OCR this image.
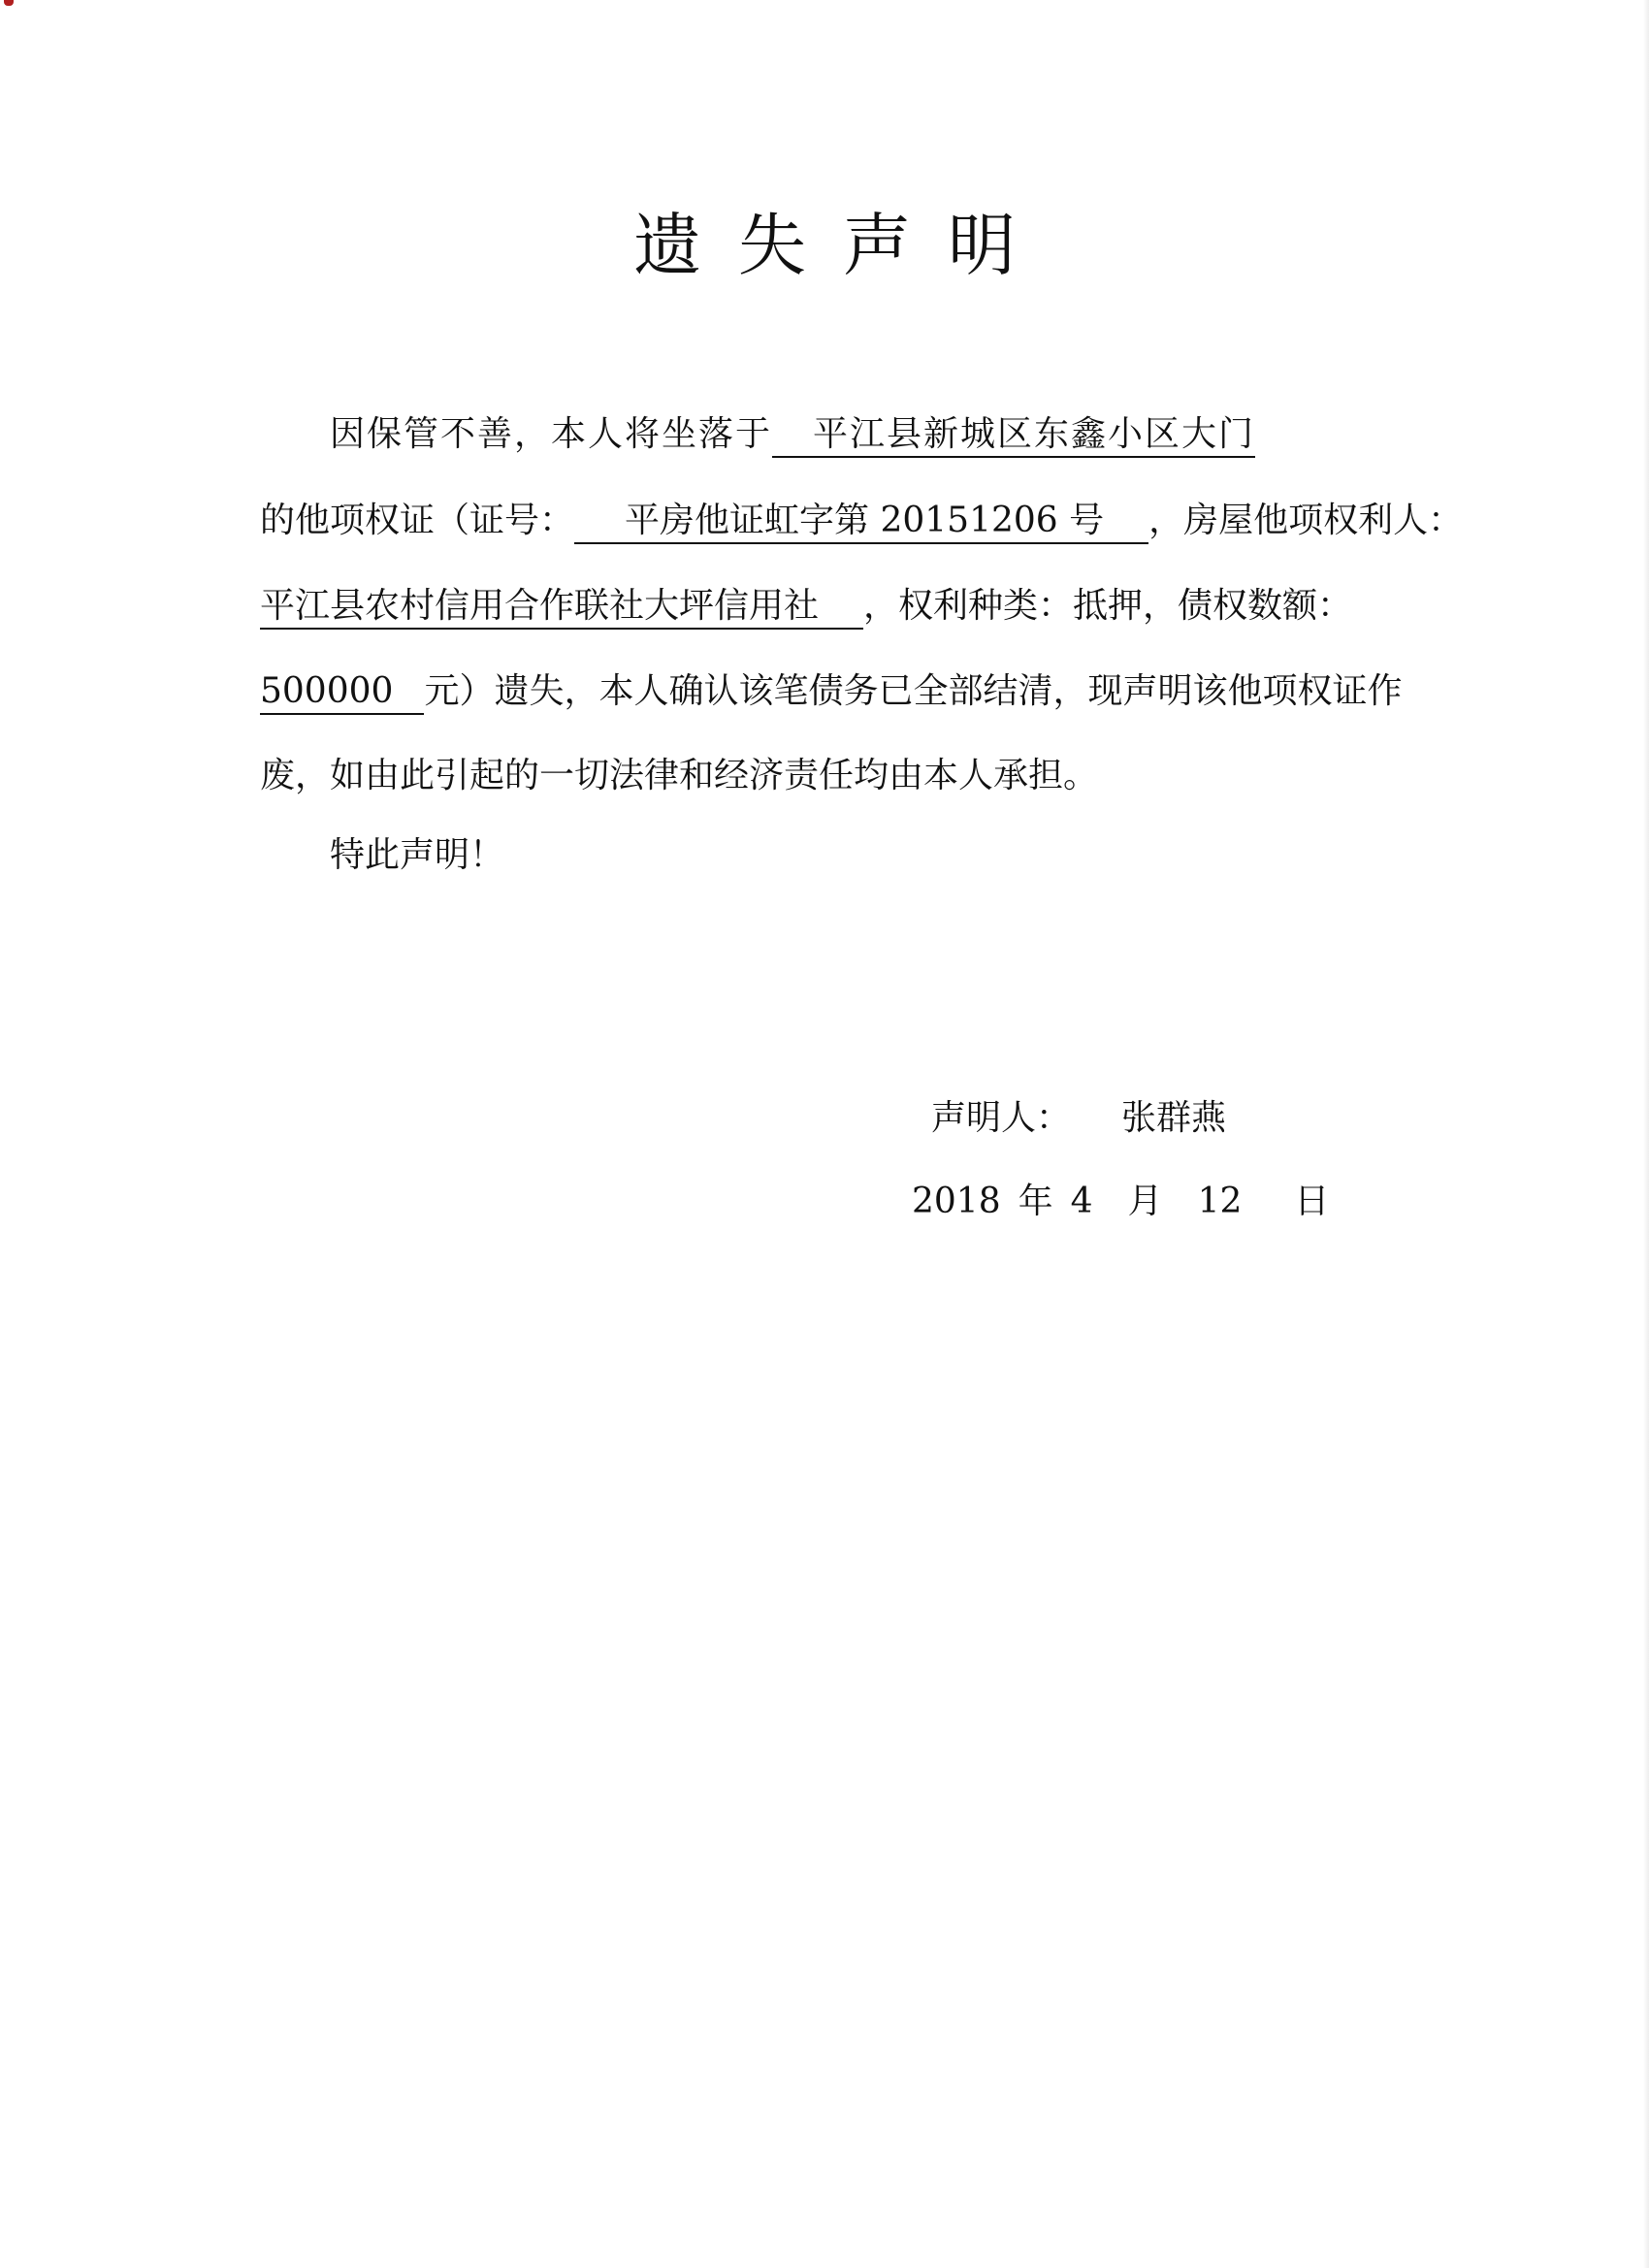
遗失声明
因保管不善，本人将坐落于 平江县新城区东鑫小区大门
的他项权证（证号： 平房他证虹字第 20151206 号 ，房屋他项权利人：
平江县农村信用合作联社大坪信用社 ，权利种类：抵押，债权数额：
500000 元）遗失，本人确认该笔债务已全部结清，现声明该他项权证作
废，如由此引起的一切法律和经济责任均由本人承担。
特此声明！
声明人： 张群燕
2018 年 4 月 12 日
